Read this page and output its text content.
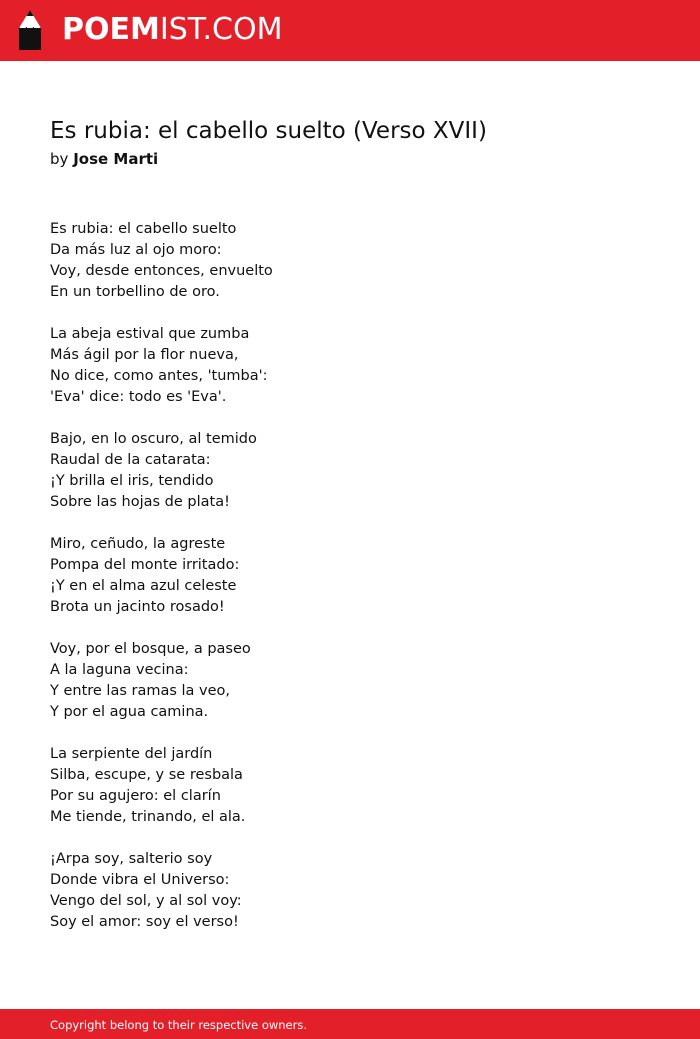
POEMIST.COM
Es rubia: el cabello suelto (Verso XVII)
by Jose Marti
Es rubia: el cabello suelto
Da más luz al ojo moro:
Voy, desde entonces, envuelto
En un torbellino de oro.
La abeja estival que zumba
Más ágil por la flor nueva,
No dice, como antes, 'tumba':
'Eva' dice: todo es 'Eva'.
Bajo, en lo oscuro, al temido
Raudal de la catarata:
¡Y brilla el iris, tendido
Sobre las hojas de plata!
Miro, ceñudo, la agreste
Pompa del monte irritado:
¡Y en el alma azul celeste
Brota un jacinto rosado!
Voy, por el bosque, a paseo
A la laguna vecina:
Y entre las ramas la veo,
Y por el agua camina.
La serpiente del jardín
Silba, escupe, y se resbala
Por su agujero: el clarín
Me tiende, trinando, el ala.
¡Arpa soy, salterio soy
Donde vibra el Universo:
Vengo del sol, y al sol voy:
Soy el amor: soy el verso!
Copyright belong to their respective owners.
